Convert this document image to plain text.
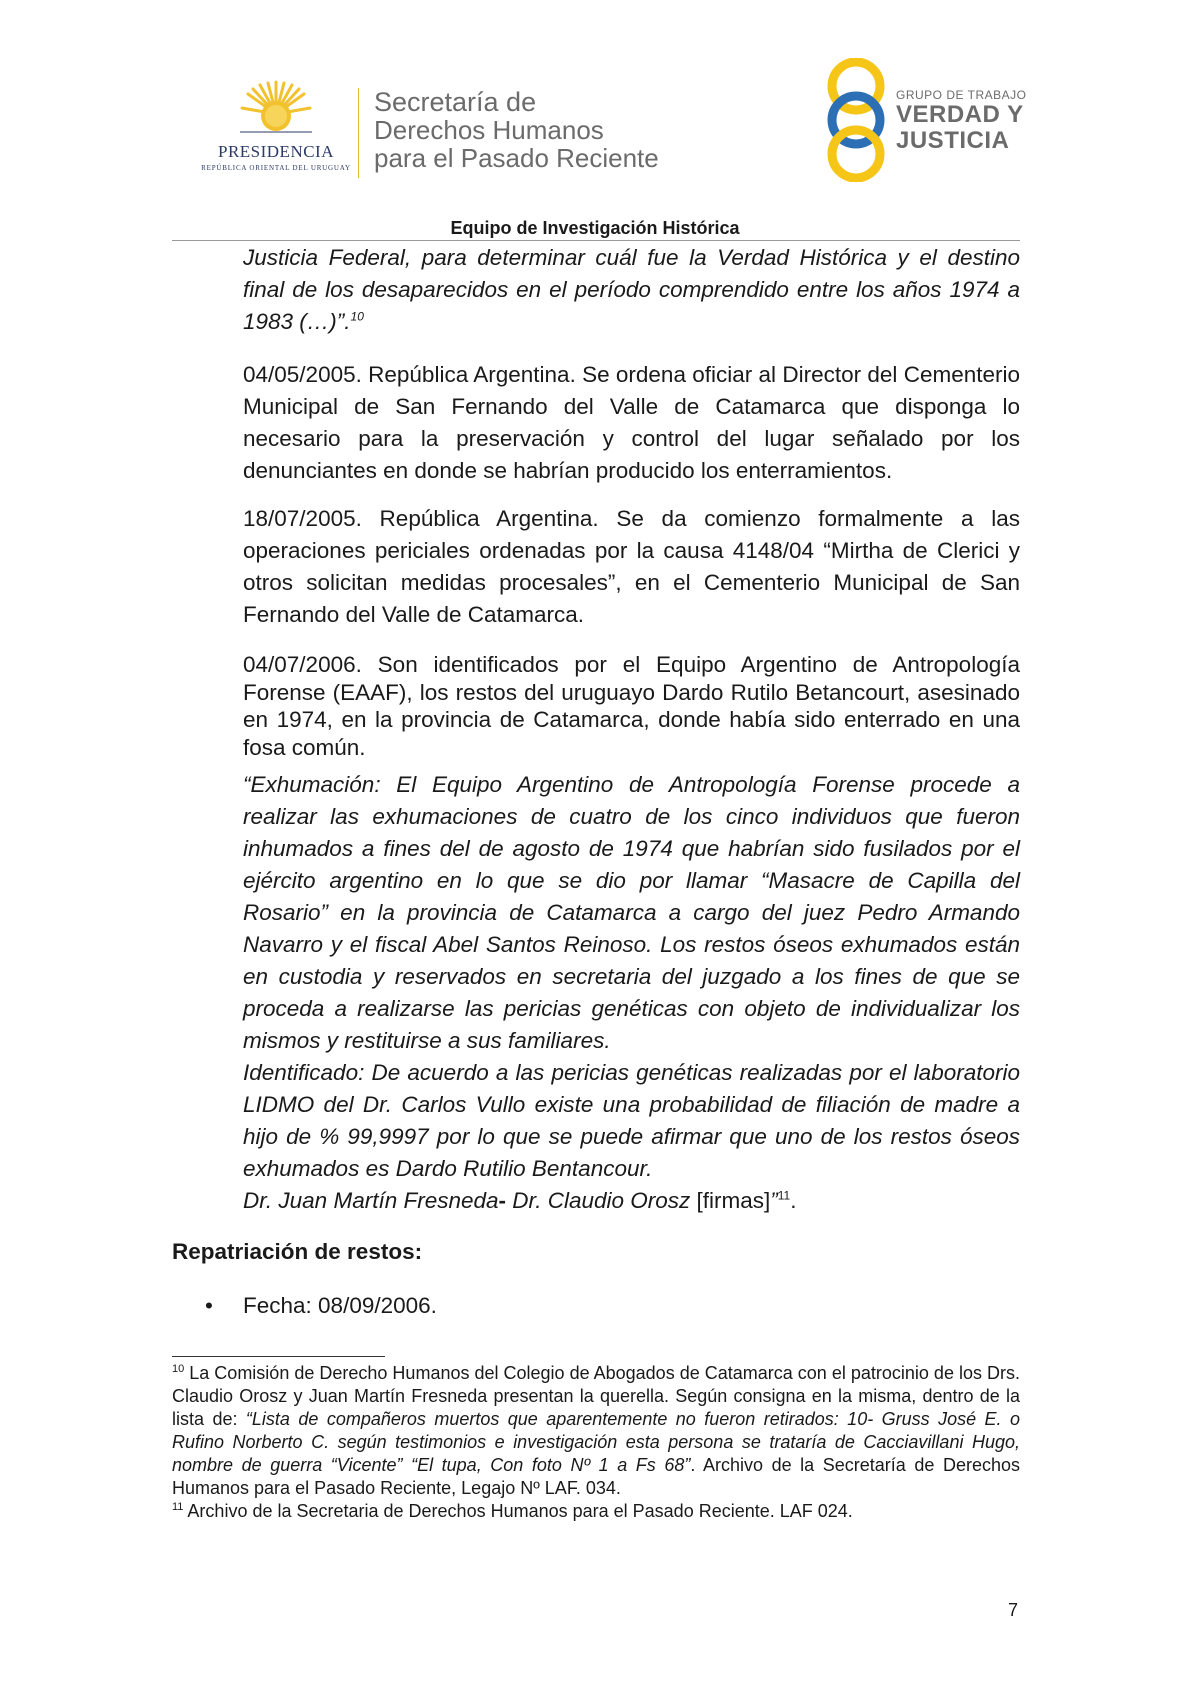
PRESIDENCIA
REPÚBLICA ORIENTAL DEL URUGUAY
Secretaría de
Derechos Humanos
para el Pasado Reciente
GRUPO DE TRABAJO
VERDAD Y
JUSTICIA
Equipo de Investigación Histórica

Justicia Federal, para determinar cuál fue la Verdad Histórica y el destino final de los desaparecidos en el período comprendido entre los años 1974 a 1983 (…)”.$^{10}$

04/05/2005. República Argentina. Se ordena oficiar al Director del Cementerio Municipal de San Fernando del Valle de Catamarca que disponga lo necesario para la preservación y control del lugar señalado por los denunciantes en donde se habrían producido los enterramientos.

18/07/2005. República Argentina. Se da comienzo formalmente a las operaciones periciales ordenadas por la causa 4148/04 “Mirtha de Clerici y otros solicitan medidas procesales”, en el Cementerio Municipal de San Fernando del Valle de Catamarca.

04/07/2006. Son identificados por el Equipo Argentino de Antropología Forense (EAAF), los restos del uruguayo Dardo Rutilo Betancourt, asesinado en 1974, en la provincia de Catamarca, donde había sido enterrado en una fosa común.

“Exhumación: El Equipo Argentino de Antropología Forense procede a realizar las exhumaciones de cuatro de los cinco individuos que fueron inhumados a fines del de agosto de 1974 que habrían sido fusilados por el ejército argentino en lo que se dio por llamar “Masacre de Capilla del Rosario” en la provincia de Catamarca a cargo del juez Pedro Armando Navarro y el fiscal Abel Santos Reinoso. Los restos óseos exhumados están en custodia y reservados en secretaria del juzgado a los fines de que se proceda a realizarse las pericias genéticas con objeto de individualizar los mismos y restituirse a sus familiares.

Identificado: De acuerdo a las pericias genéticas realizadas por el laboratorio LIDMO del Dr. Carlos Vullo existe una probabilidad de filiación de madre a hijo de % 99,9997 por lo que se puede afirmar que uno de los restos óseos exhumados es Dardo Rutilio Bentancour.

Dr. Juan Martín Fresneda- Dr. Claudio Orosz [firmas]”$^{11}$.

Repatriación de restos:
• Fecha: 08/09/2006.

$^{10}$ La Comisión de Derecho Humanos del Colegio de Abogados de Catamarca con el patrocinio de los Drs. Claudio Orosz y Juan Martín Fresneda presentan la querella. Según consigna en la misma, dentro de la lista de: “Lista de compañeros muertos que aparentemente no fueron retirados: 10- Gruss José E. o Rufino Norberto C. según testimonios e investigación esta persona se trataría de Cacciavillani Hugo, nombre de guerra “Vicente” “El tupa, Con foto Nº 1 a Fs 68”. Archivo de la Secretaría de Derechos Humanos para el Pasado Reciente, Legajo Nº LAF. 034.

$^{11}$ Archivo de la Secretaria de Derechos Humanos para el Pasado Reciente. LAF 024.

7
